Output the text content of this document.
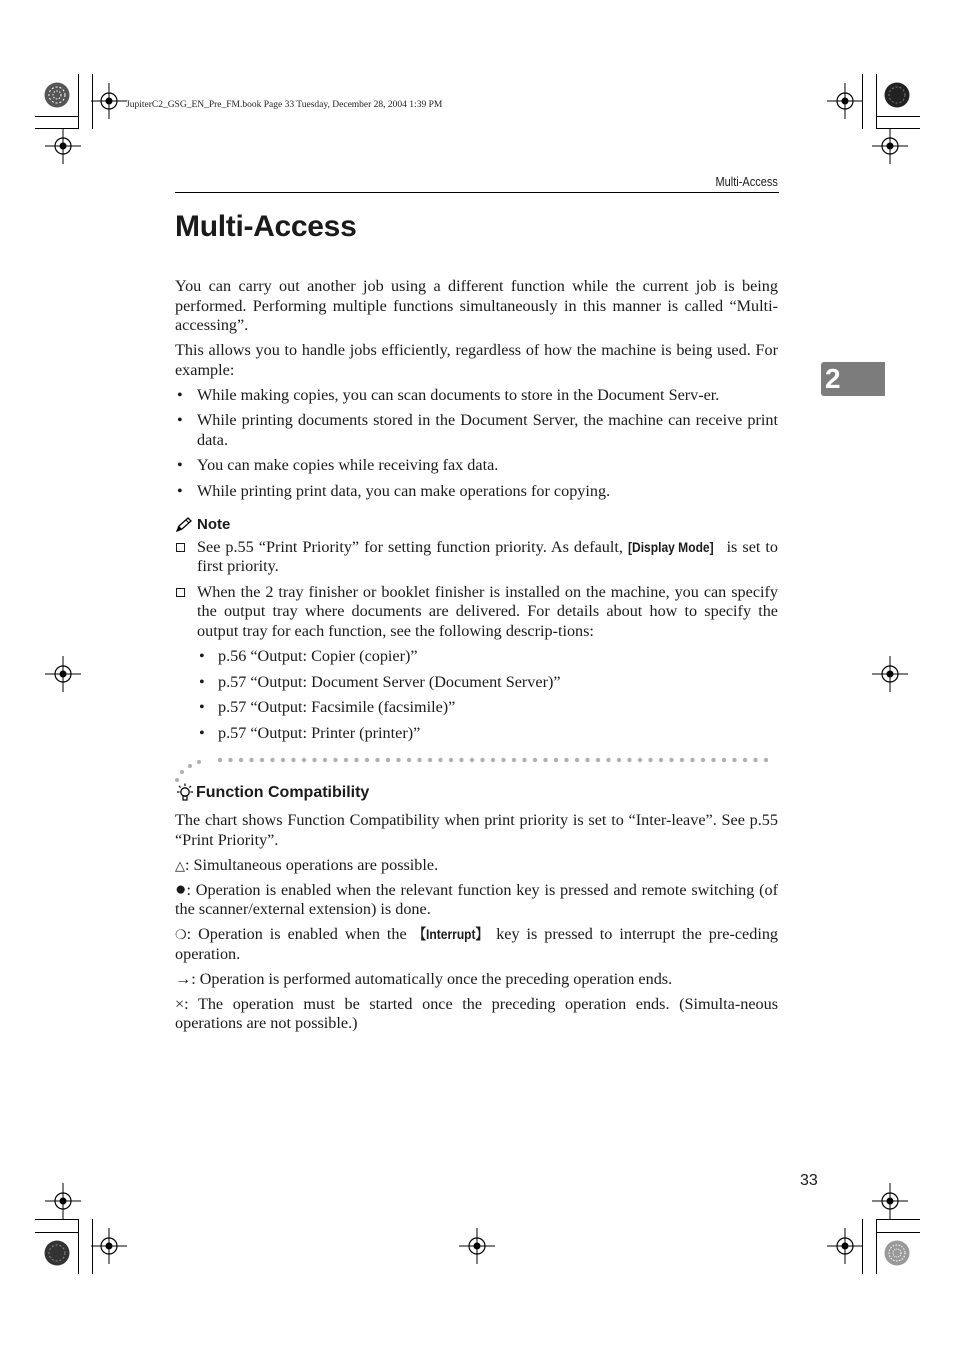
JupiterC2_GSG_EN_Pre_FM.book Page 33 Tuesday, December 28, 2004 1:39 PM
Multi-Access
Multi-Access
2

You can carry out another job using a different function while the current job is being performed. Performing multiple functions simultaneously in this manner is called “Multi-accessing”.

This allows you to handle jobs efficiently, regardless of how the machine is being used. For example:

• While making copies, you can scan documents to store in the Document Serv-er.
• While printing documents stored in the Document Server, the machine can receive print data.
• You can make copies while receiving fax data.
• While printing print data, you can make operations for copying.
Note
See p.55 “Print Priority” for setting function priority. As default, [Display Mode] is set to first priority.
When the 2 tray finisher or booklet finisher is installed on the machine, you can specify the output tray where documents are delivered. For details about how to specify the output tray for each function, see the following descrip-tions:
• p.56 “Output: Copier (copier)”
• p.57 “Output: Document Server (Document Server)”
• p.57 “Output: Facsimile (facsimile)”
• p.57 “Output: Printer (printer)”
Function Compatibility

The chart shows Function Compatibility when print priority is set to “Inter-leave”. See p.55 “Print Priority”.

△: Simultaneous operations are possible.

●: Operation is enabled when the relevant function key is pressed and remote switching (of the scanner/external extension) is done.

❍: Operation is enabled when the 【Interrupt】 key is pressed to interrupt the pre-ceding operation.

→: Operation is performed automatically once the preceding operation ends.

×: The operation must be started once the preceding operation ends. (Simulta-neous operations are not possible.)

33
